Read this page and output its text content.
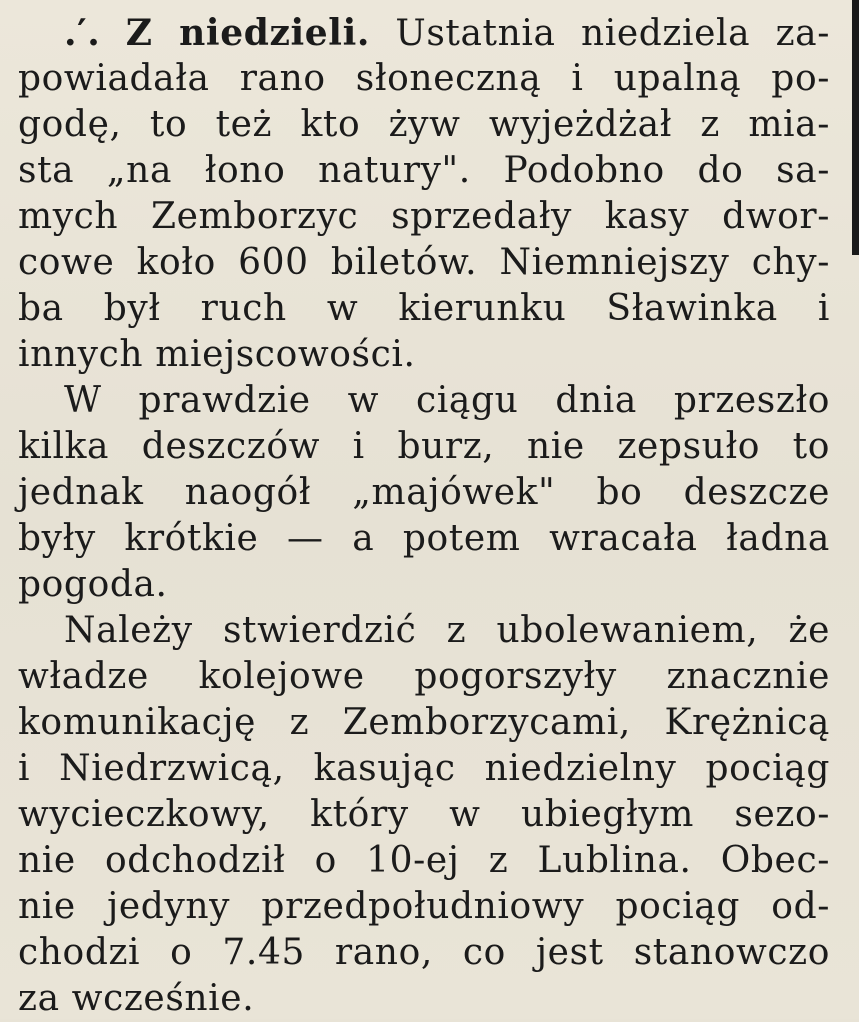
.′. Z niedzieli. Ustatnia niedziela za-
powiadała rano słoneczną i upalną po-
godę, to też kto żyw wyjeżdżał z mia-
sta „na łono natury". Podobno do sa-
mych Zemborzyc sprzedały kasy dwor-
cowe koło 600 biletów. Niemniejszy chy-
ba był ruch w kierunku Sławinka i
innych miejscowości.
W prawdzie w ciągu dnia przeszło
kilka deszczów i burz, nie zepsuło to
jednak naogół „majówek" bo deszcze
były krótkie — a potem wracała ładna
pogoda.
Należy stwierdzić z ubolewaniem, że
władze kolejowe pogorszyły znacznie
komunikację z Zemborzycami, Krężnicą
i Niedrzwicą, kasując niedzielny pociąg
wycieczkowy, który w ubiegłym sezo-
nie odchodził o 10-ej z Lublina. Obec-
nie jedyny przedpołudniowy pociąg od-
chodzi o 7.45 rano, co jest stanowczo
za wcześnie.
